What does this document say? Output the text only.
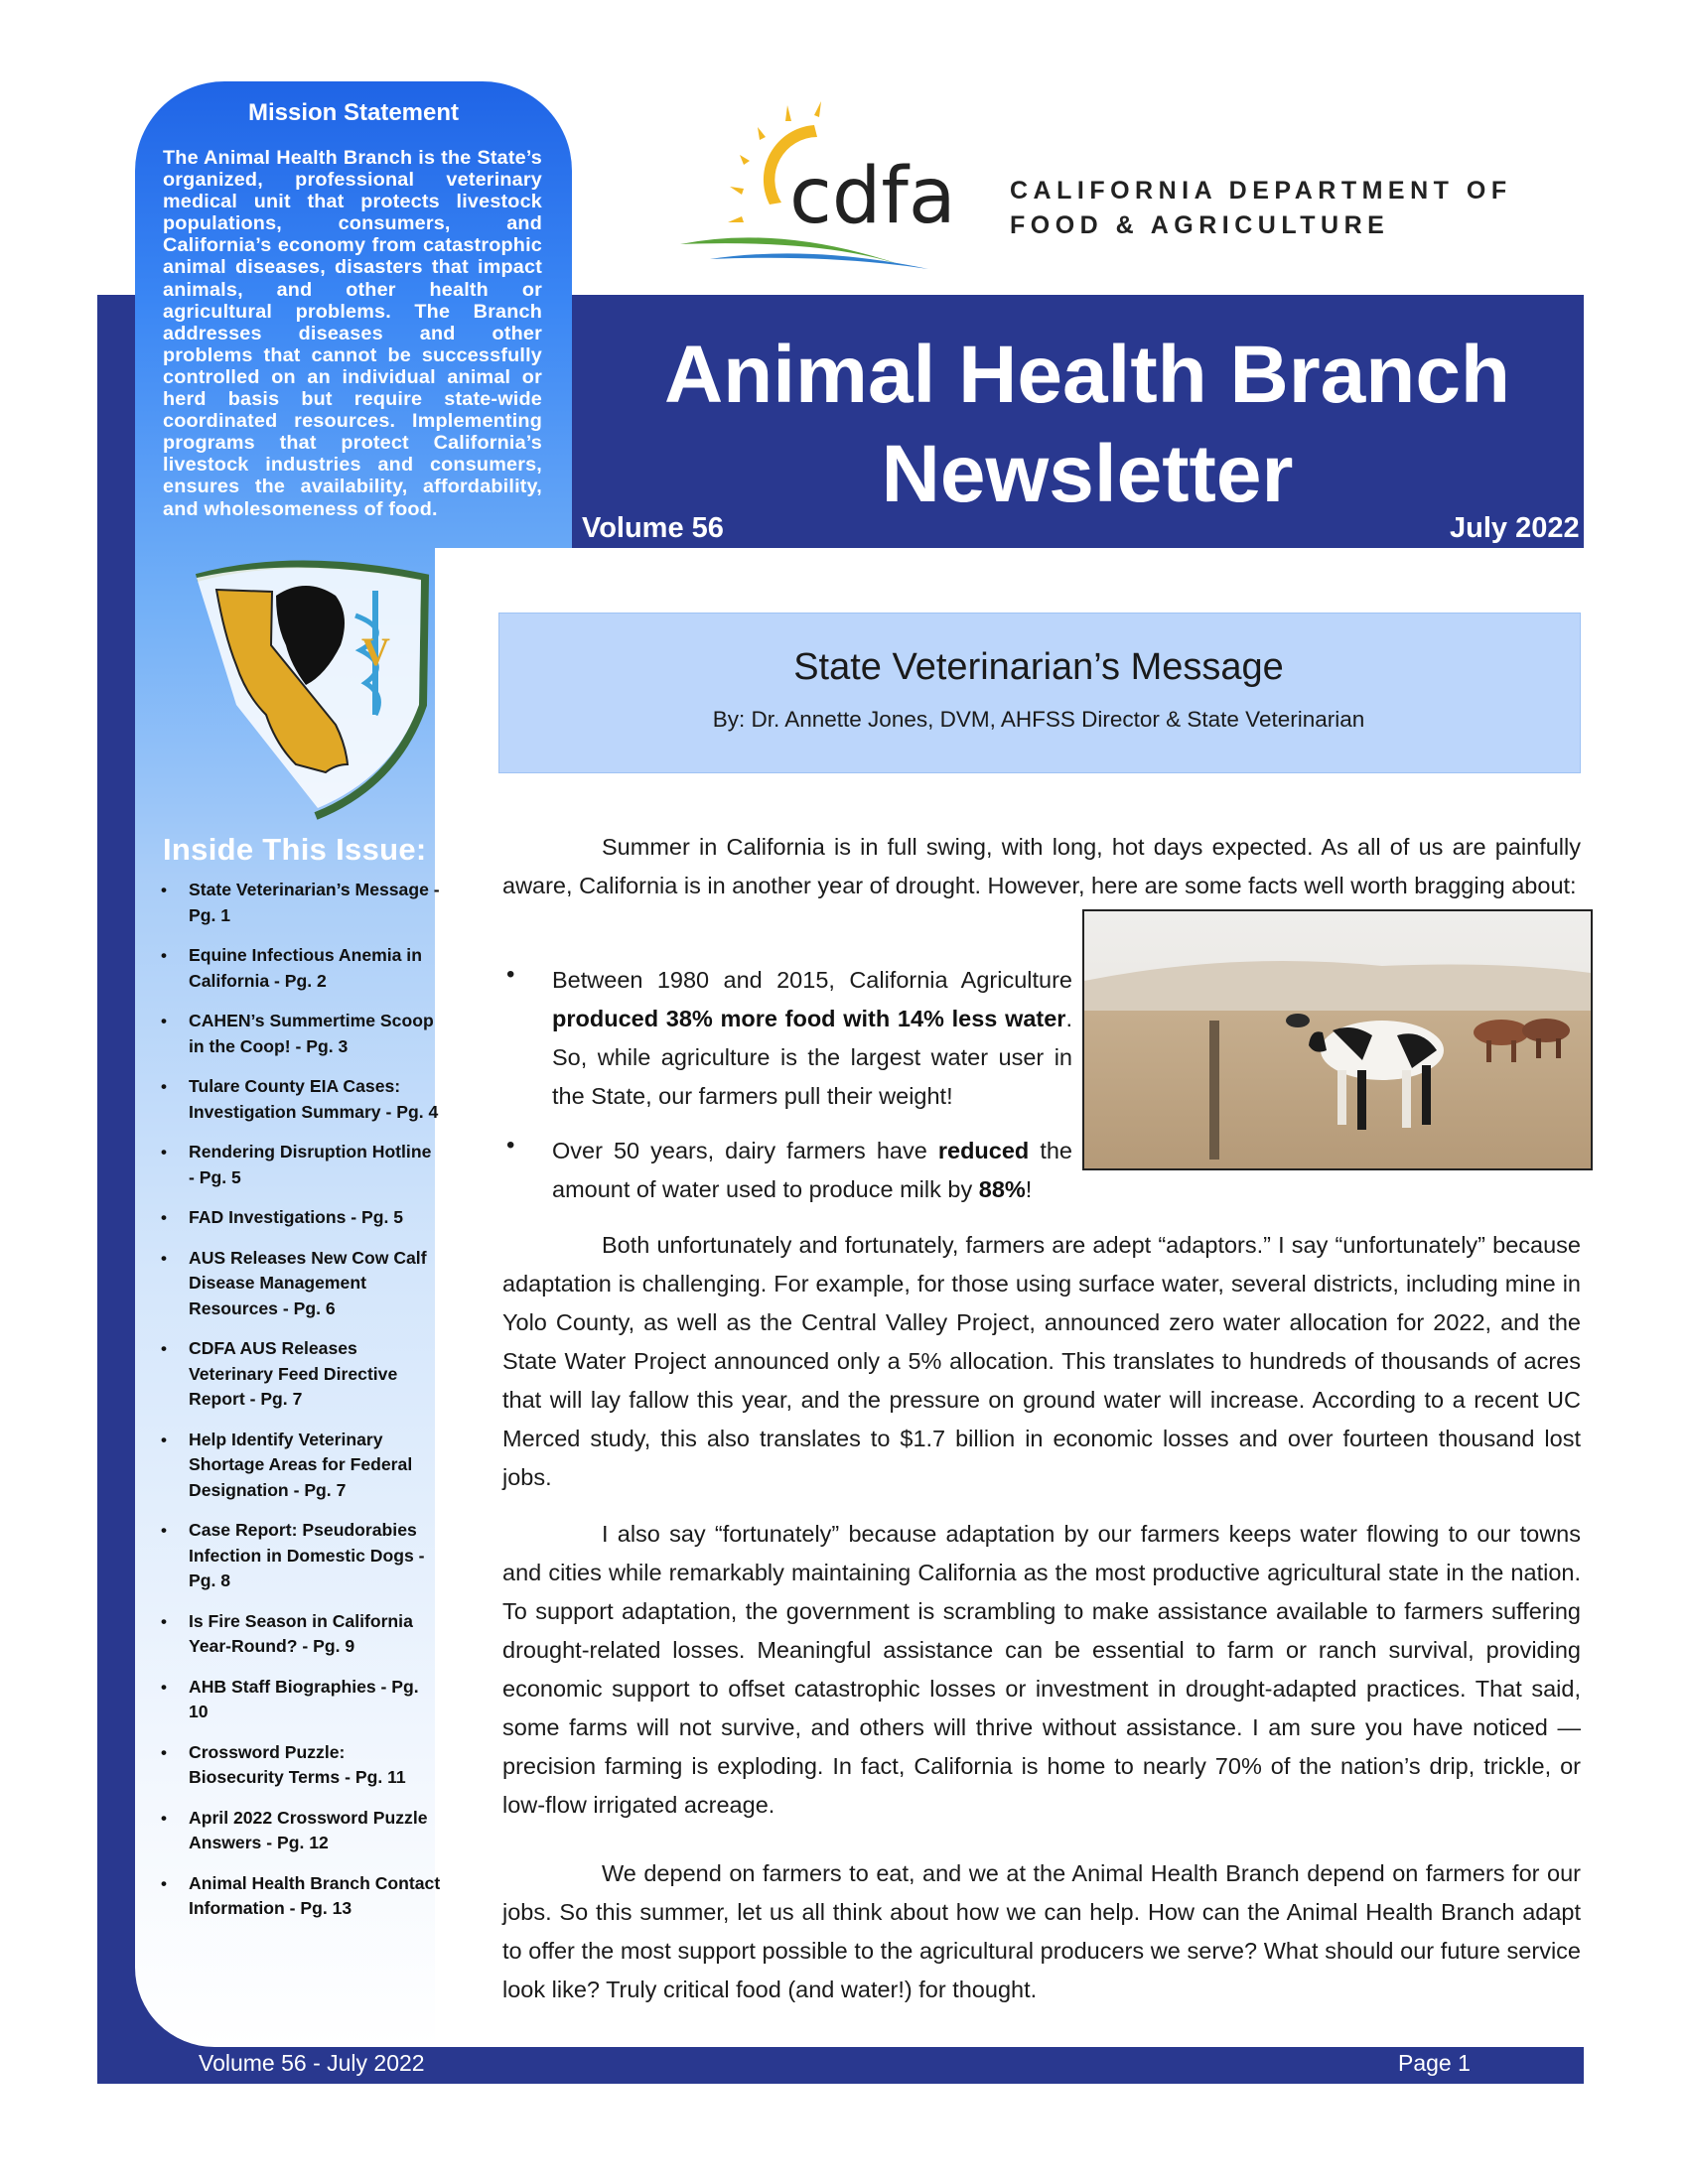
Mission Statement
The Animal Health Branch is the State’s organized, professional veterinary medical unit that protects livestock populations, consumers, and California’s economy from catastrophic animal diseases, disasters that impact animals, and other health or agricultural problems. The Branch addresses diseases and other problems that cannot be successfully controlled on an individual animal or herd basis but require state-wide coordinated resources. Implementing programs that protect California’s livestock industries and consumers, ensures the availability, affordability, and wholesomeness of food.
V
Inside This Issue:
• State Veterinarian’s Message - Pg. 1
• Equine Infectious Anemia in California - Pg. 2
• CAHEN’s Summertime Scoop in the Coop! - Pg. 3
• Tulare County EIA Cases: Investigation Summary - Pg. 4
• Rendering Disruption Hotline - Pg. 5
• FAD Investigations - Pg. 5
• AUS Releases New Cow Calf Disease Management Resources - Pg. 6
• CDFA AUS Releases Veterinary Feed Directive Report - Pg. 7
• Help Identify Veterinary Shortage Areas for Federal Designation - Pg. 7
• Case Report: Pseudorabies Infection in Domestic Dogs - Pg. 8
• Is Fire Season in California Year-Round? - Pg. 9
• AHB Staff Biographies - Pg. 10
• Crossword Puzzle: Biosecurity Terms - Pg. 11
• April 2022 Crossword Puzzle Answers - Pg. 12
• Animal Health Branch Contact Information - Pg. 13
cdfa CALIFORNIA DEPARTMENT OF
FOOD & AGRICULTURE
Animal Health Branch
Newsletter
Volume 56	July 2022
State Veterinarian’s Message
By: Dr. Annette Jones, DVM, AHFSS Director & State Veterinarian
Summer in California is in full swing, with long, hot days expected. As all of us are painfully aware, California is in another year of drought. However, here are some facts well worth bragging about:
• Between 1980 and 2015, California Agriculture produced 38% more food with 14% less water. So, while agriculture is the largest water user in the State, our farmers pull their weight!
• Over 50 years, dairy farmers have reduced the amount of water used to produce milk by 88%!
Both unfortunately and fortunately, farmers are adept “adaptors.” I say “unfortunately” because adaptation is challenging. For example, for those using surface water, several districts, including mine in Yolo County, as well as the Central Valley Project, announced zero water allocation for 2022, and the State Water Project announced only a 5% allocation. This translates to hundreds of thousands of acres that will lay fallow this year, and the pressure on ground water will increase. According to a recent UC Merced study, this also translates to $1.7 billion in economic losses and over fourteen thousand lost jobs.
I also say “fortunately” because adaptation by our farmers keeps water flowing to our towns and cities while remarkably maintaining California as the most productive agricultural state in the nation. To support adaptation, the government is scrambling to make assistance available to farmers suffering drought-related losses. Meaningful assistance can be essential to farm or ranch survival, providing economic support to offset catastrophic losses or investment in drought-adapted practices. That said, some farms will not survive, and others will thrive without assistance. I am sure you have noticed — precision farming is exploding. In fact, California is home to nearly 70% of the nation’s drip, trickle, or low-flow irrigated acreage.
We depend on farmers to eat, and we at the Animal Health Branch depend on farmers for our jobs. So this summer, let us all think about how we can help. How can the Animal Health Branch adapt to offer the most support possible to the agricultural producers we serve? What should our future service look like? Truly critical food (and water!) for thought.
Volume 56 - July 2022	Page 1
